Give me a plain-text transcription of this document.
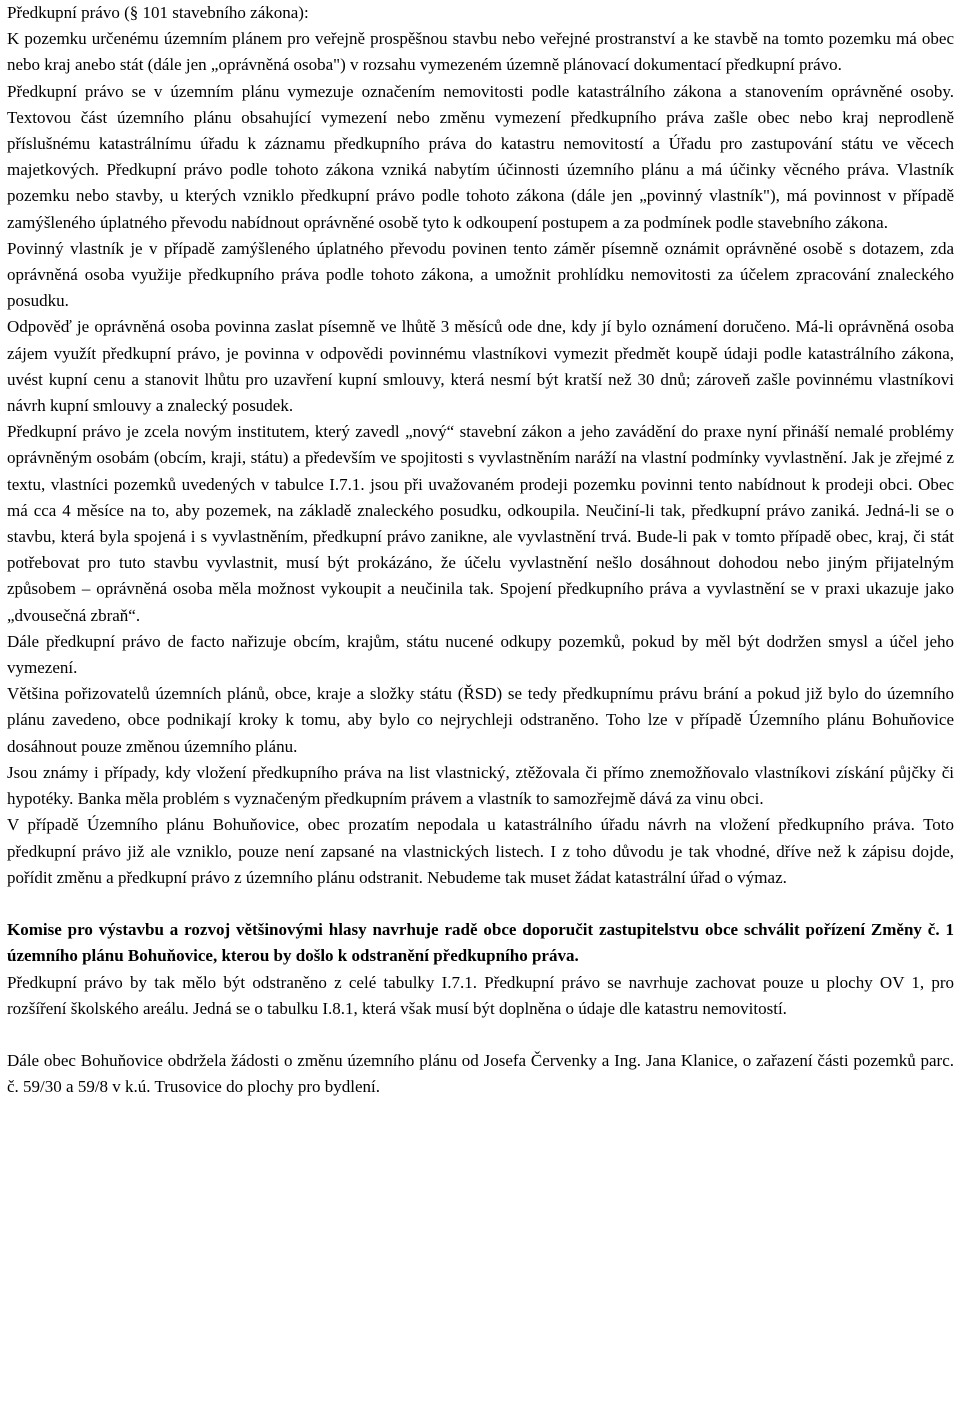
Předkupní právo (§ 101 stavebního zákona):

K pozemku určenému územním plánem pro veřejně prospěšnou stavbu nebo veřejné prostranství a ke stavbě na tomto pozemku má obec nebo kraj anebo stát (dále jen „oprávněná osoba") v rozsahu vymezeném územně plánovací dokumentací předkupní právo.

Předkupní právo se v územním plánu vymezuje označením nemovitosti podle katastrálního zákona a stanovením oprávněné osoby. Textovou část územního plánu obsahující vymezení nebo změnu vymezení předkupního práva zašle obec nebo kraj neprodleně příslušnému katastrálnímu úřadu k záznamu předkupního práva do katastru nemovitostí a Úřadu pro zastupování státu ve věcech majetkových. Předkupní právo podle tohoto zákona vzniká nabytím účinnosti územního plánu a má účinky věcného práva. Vlastník pozemku nebo stavby, u kterých vzniklo předkupní právo podle tohoto zákona (dále jen „povinný vlastník"), má povinnost v případě zamýšleného úplatného převodu nabídnout oprávněné osobě tyto k odkoupení postupem a za podmínek podle stavebního zákona.

Povinný vlastník je v případě zamýšleného úplatného převodu povinen tento záměr písemně oznámit oprávněné osobě s dotazem, zda oprávněná osoba využije předkupního práva podle tohoto zákona, a umožnit prohlídku nemovitosti za účelem zpracování znaleckého posudku.

Odpověď je oprávněná osoba povinna zaslat písemně ve lhůtě 3 měsíců ode dne, kdy jí bylo oznámení doručeno. Má-li oprávněná osoba zájem využít předkupní právo, je povinna v odpovědi povinnému vlastníkovi vymezit předmět koupě údaji podle katastrálního zákona, uvést kupní cenu a stanovit lhůtu pro uzavření kupní smlouvy, která nesmí být kratší než 30 dnů; zároveň zašle povinnému vlastníkovi návrh kupní smlouvy a znalecký posudek.

Předkupní právo je zcela novým institutem, který zavedl „nový“ stavební zákon a jeho zavádění do praxe nyní přináší nemalé problémy oprávněným osobám (obcím, kraji, státu) a především ve spojitosti s vyvlastněním naráží na vlastní podmínky vyvlastnění. Jak je zřejmé z textu, vlastníci pozemků uvedených v tabulce I.7.1. jsou při uvažovaném prodeji pozemku povinni tento nabídnout k prodeji obci. Obec má cca 4 měsíce na to, aby pozemek, na základě znaleckého posudku, odkoupila. Neučiní-li tak, předkupní právo zaniká. Jedná-li se o stavbu, která byla spojená i s vyvlastněním, předkupní právo zanikne, ale vyvlastnění trvá. Bude-li pak v tomto případě obec, kraj, či stát potřebovat pro tuto stavbu vyvlastnit, musí být prokázáno, že účelu vyvlastnění nešlo dosáhnout dohodou nebo jiným přijatelným způsobem – oprávněná osoba měla možnost vykoupit a neučinila tak. Spojení předkupního práva a vyvlastnění se v praxi ukazuje jako „dvousečná zbraň“.

Dále předkupní právo de facto nařizuje obcím, krajům, státu nucené odkupy pozemků, pokud by měl být dodržen smysl a účel jeho vymezení.

Většina pořizovatelů územních plánů, obce, kraje a složky státu (ŘSD) se tedy předkupnímu právu brání a pokud již bylo do územního plánu zavedeno, obce podnikají kroky k tomu, aby bylo co nejrychleji odstraněno. Toho lze v případě Územního plánu Bohuňovice dosáhnout pouze změnou územního plánu.

Jsou známy i případy, kdy vložení předkupního práva na list vlastnický, ztěžovala či přímo znemožňovalo vlastníkovi získání půjčky či hypotéky. Banka měla problém s vyznačeným předkupním právem a vlastník to samozřejmě dává za vinu obci.

V případě Územního plánu Bohuňovice, obec prozatím nepodala u katastrálního úřadu návrh na vložení předkupního práva. Toto předkupní právo již ale vzniklo, pouze není zapsané na vlastnických listech. I z toho důvodu je tak vhodné, dříve než k zápisu dojde, pořídit změnu a předkupní právo z územního plánu odstranit. Nebudeme tak muset žádat katastrální úřad o výmaz.

Komise pro výstavbu a rozvoj většinovými hlasy navrhuje radě obce doporučit zastupitelstvu obce schválit pořízení Změny č. 1 územního plánu Bohuňovice, kterou by došlo k odstranění předkupního práva.

Předkupní právo by tak mělo být odstraněno z celé tabulky I.7.1. Předkupní právo se navrhuje zachovat pouze u plochy OV 1, pro rozšíření školského areálu. Jedná se o tabulku I.8.1, která však musí být doplněna o údaje dle katastru nemovitostí.

Dále obec Bohuňovice obdržela žádosti o změnu územního plánu od Josefa Červenky a Ing. Jana Klanice, o zařazení části pozemků parc. č. 59/30 a 59/8 v k.ú. Trusovice do plochy pro bydlení.
